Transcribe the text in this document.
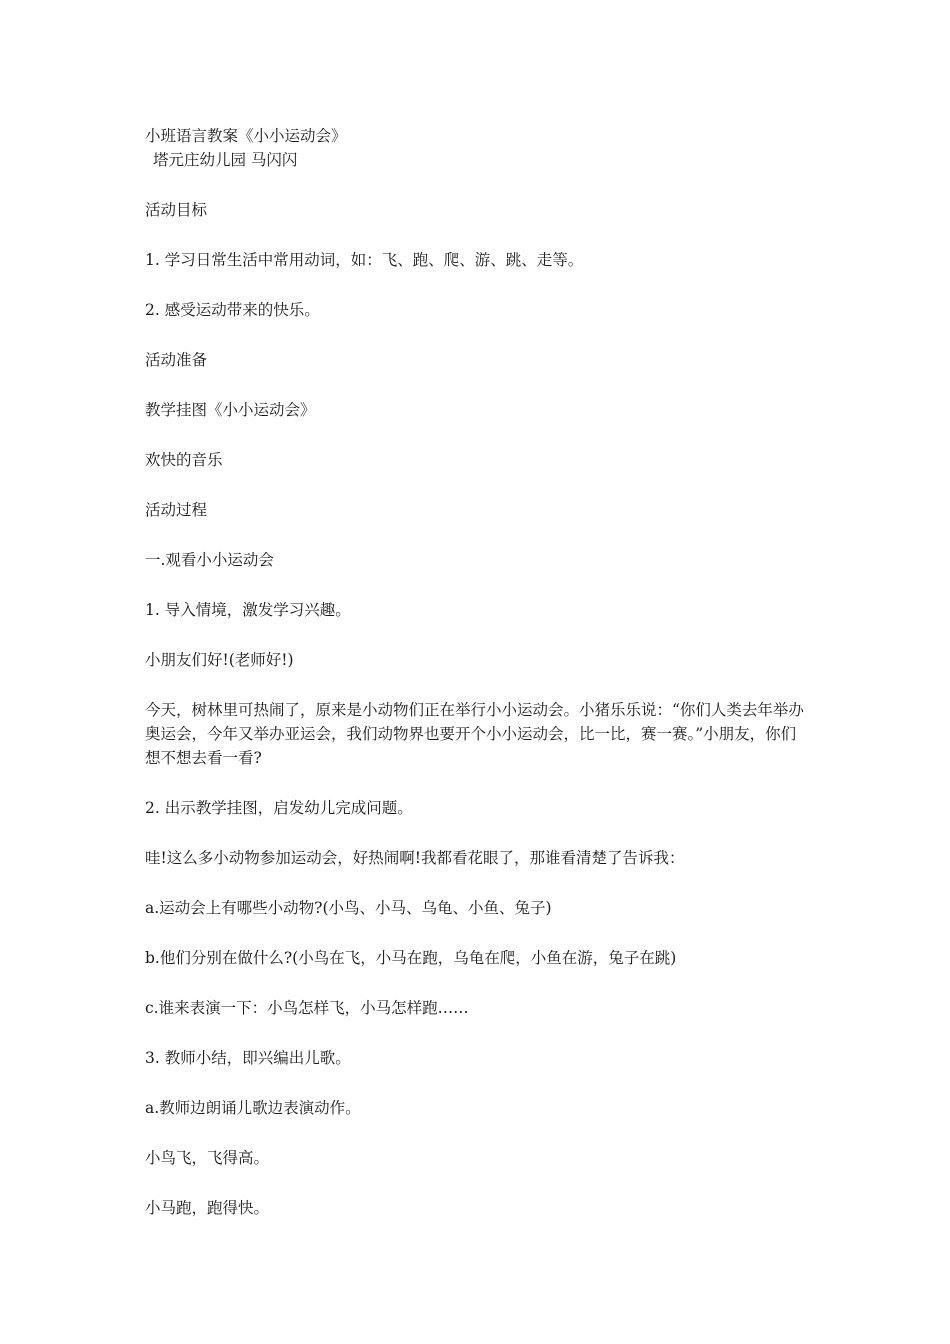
小班语言教案《小小运动会》
塔元庄幼儿园 马闪闪

活动目标

1. 学习日常生活中常用动词，如：飞、跑、爬、游、跳、走等。

2. 感受运动带来的快乐。

活动准备

教学挂图《小小运动会》

欢快的音乐

活动过程

一.观看小小运动会

1. 导入情境，激发学习兴趣。

小朋友们好!(老师好!)

今天，树林里可热闹了，原来是小动物们正在举行小小运动会。小猪乐乐说：“你们人类去年举办奥运会，今年又举办亚运会，我们动物界也要开个小小运动会，比一比，赛一赛。”小朋友，你们想不想去看一看?

2. 出示教学挂图，启发幼儿完成问题。

哇!这么多小动物参加运动会，好热闹啊!我都看花眼了，那谁看清楚了告诉我：

a.运动会上有哪些小动物?(小鸟、小马、乌龟、小鱼、兔子)

b.他们分别在做什么?(小鸟在飞，小马在跑，乌龟在爬，小鱼在游，兔子在跳)

c.谁来表演一下：小鸟怎样飞，小马怎样跑……

3. 教师小结，即兴编出儿歌。

a.教师边朗诵儿歌边表演动作。

小鸟飞，飞得高。

小马跑，跑得快。
